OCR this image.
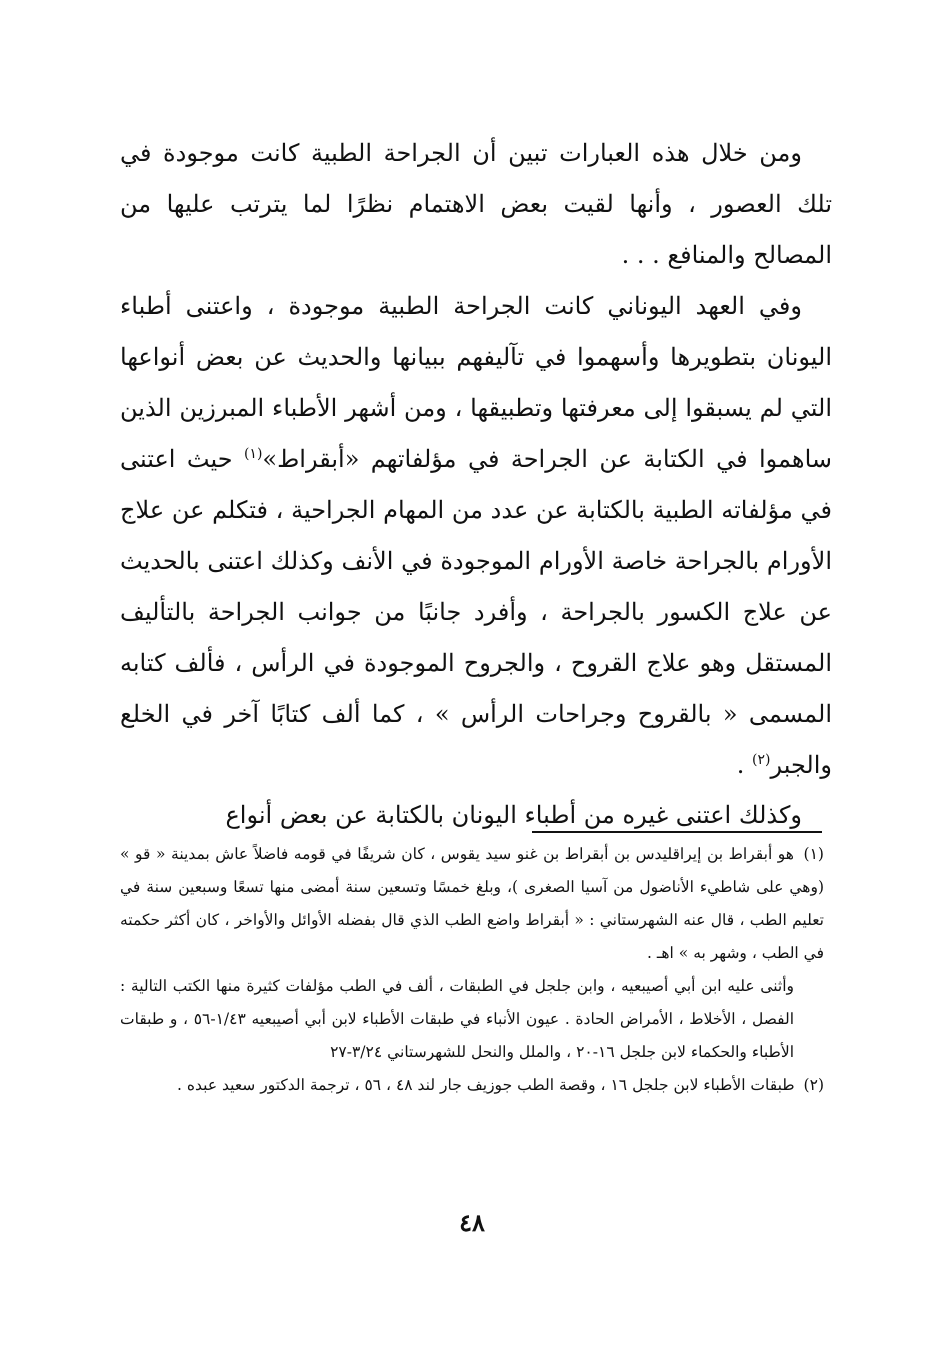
ومن خلال هذه العبارات تبين أن الجراحة الطبية كانت موجودة في تلك العصور ، وأنها لقيت بعض الاهتمام نظرًا لما يترتب عليها من المصالح والمنافع . . .

وفي العهد اليوناني كانت الجراحة الطبية موجودة ، واعتنى أطباء اليونان بتطويرها وأسهموا في تآليفهم ببيانها والحديث عن بعض أنواعها التي لم يسبقوا إلى معرفتها وتطبيقها ، ومن أشهر الأطباء المبرزين الذين ساهموا في الكتابة عن الجراحة في مؤلفاتهم «أبقراط»$^{(١)}$ حيث اعتنى في مؤلفاته الطبية بالكتابة عن عدد من المهام الجراحية ، فتكلم عن علاج الأورام بالجراحة خاصة الأورام الموجودة في الأنف وكذلك اعتنى بالحديث عن علاج الكسور بالجراحة ، وأفرد جانبًا من جوانب الجراحة بالتأليف المستقل وهو علاج القروح ، والجروح الموجودة في الرأس ، فألف كتابه المسمى « بالقروح وجراحات الرأس » ، كما ألف كتابًا آخر في الخلع والجبر$^{(٢)}$ .

وكذلك اعتنى غيره من أطباء اليونان بالكتابة عن بعض أنواع

(١) هو أبقراط بن إيراقليدس بن أبقراط بن غنو سيد يقوس ، كان شريفًا في قومه فاضلاً عاش بمدينة « قو » (وهي على شاطيء الأناضول من آسيا الصغرى )، وبلغ خمسًا وتسعين سنة أمضى منها تسعًا وسبعين سنة في تعليم الطب ، قال عنه الشهرستاني : « أبقراط واضع الطب الذي قال بفضله الأوائل والأواخر ، كان أكثر حكمته في الطب ، وشهر به » اهـ .

وأثنى عليه ابن أبي أصيبعيه ، وابن جلجل في الطبقات ، ألف في الطب مؤلفات كثيرة منها الكتب التالية : الفصل ، الأخلاط ، الأمراض الحادة . عيون الأنباء في طبقات الأطباء لابن أبي أصيبعيه ١/٤٣-٥٦ ، و طبقات الأطباء والحكماء لابن جلجل ١٦-٢٠ ، والملل والنحل للشهرستاني ٣/٢٤-٢٧

(٢) طبقات الأطباء لابن جلجل ١٦ ، وقصة الطب جوزيف جار لند ٤٨ ، ٥٦ ، ترجمة الدكتور سعيد عبده .

٤٨
